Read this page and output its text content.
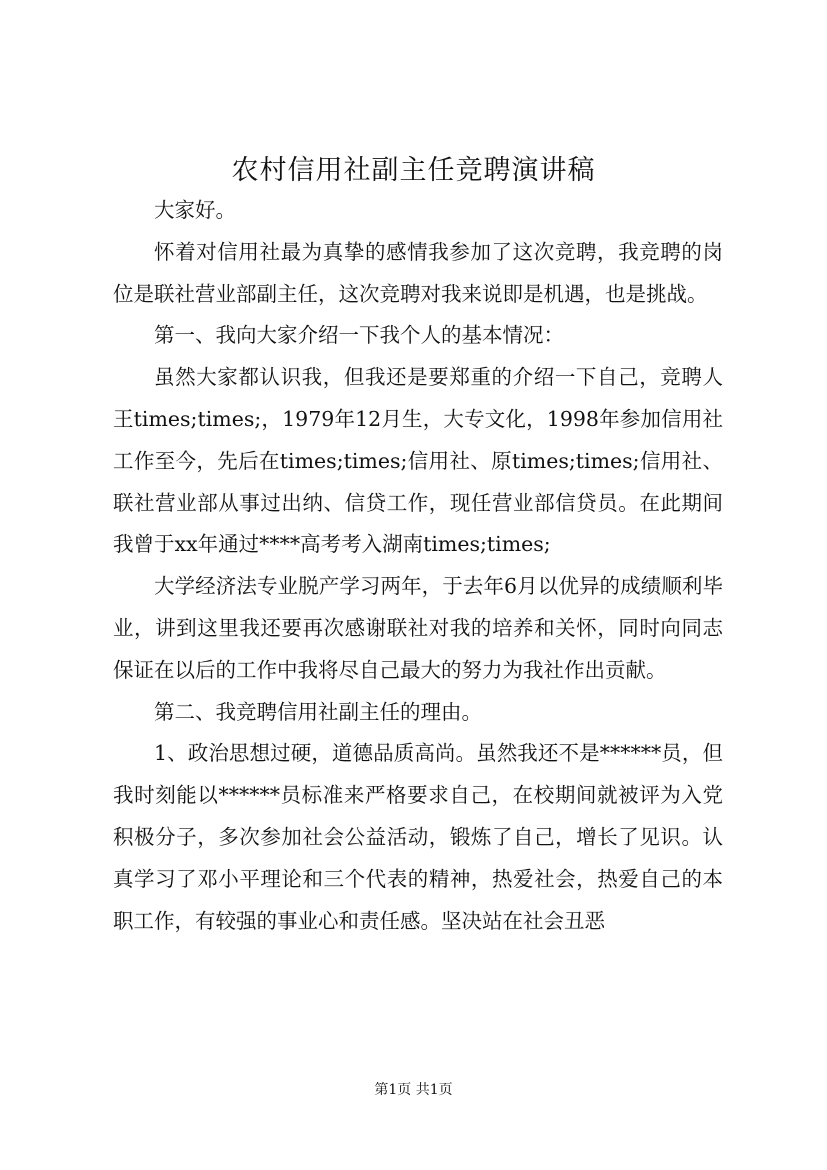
农村信用社副主任竞聘演讲稿

大家好。

怀着对信用社最为真挚的感情我参加了这次竞聘，我竞聘的岗位是联社营业部副主任，这次竞聘对我来说即是机遇，也是挑战。

第一、我向大家介绍一下我个人的基本情况：

虽然大家都认识我，但我还是要郑重的介绍一下自己，竞聘人王times;times;，1979年12月生，大专文化，1998年参加信用社工作至今，先后在times;times;信用社、原times;times;信用社、联社营业部从事过出纳、信贷工作，现任营业部信贷员。在此期间我曾于xx年通过****高考考入湖南times;times;

大学经济法专业脱产学习两年，于去年6月以优异的成绩顺利毕业，讲到这里我还要再次感谢联社对我的培养和关怀，同时向同志保证在以后的工作中我将尽自己最大的努力为我社作出贡献。

第二、我竞聘信用社副主任的理由。

1、政治思想过硬，道德品质高尚。虽然我还不是******员，但我时刻能以******员标准来严格要求自己，在校期间就被评为入党积极分子，多次参加社会公益活动，锻炼了自己，增长了见识。认真学习了邓小平理论和三个代表的精神，热爱社会，热爱自己的本职工作，有较强的事业心和责任感。坚决站在社会丑恶

第1页 共1页
